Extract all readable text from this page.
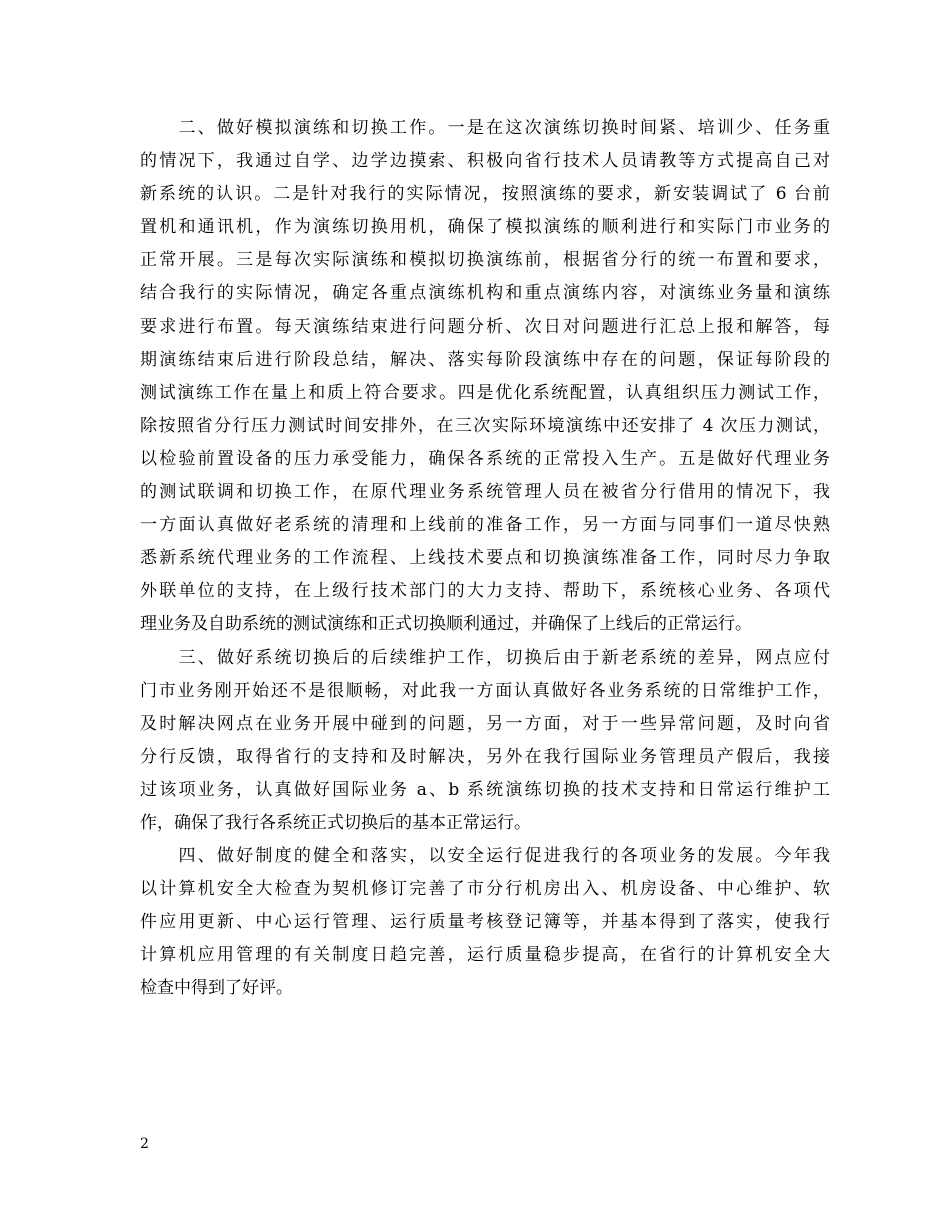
　　二、做好模拟演练和切换工作。一是在这次演练切换时间紧、培训少、任务重
的情况下，我通过自学、边学边摸索、积极向省行技术人员请教等方式提高自己对
新系统的认识。二是针对我行的实际情况，按照演练的要求，新安装调试了 6 台前
置机和通讯机，作为演练切换用机，确保了模拟演练的顺利进行和实际门市业务的
正常开展。三是每次实际演练和模拟切换演练前，根据省分行的统一布置和要求，
结合我行的实际情况，确定各重点演练机构和重点演练内容，对演练业务量和演练
要求进行布置。每天演练结束进行问题分析、次日对问题进行汇总上报和解答，每
期演练结束后进行阶段总结，解决、落实每阶段演练中存在的问题，保证每阶段的
测试演练工作在量上和质上符合要求。四是优化系统配置，认真组织压力测试工作，
除按照省分行压力测试时间安排外，在三次实际环境演练中还安排了 4 次压力测试，
以检验前置设备的压力承受能力，确保各系统的正常投入生产。五是做好代理业务
的测试联调和切换工作，在原代理业务系统管理人员在被省分行借用的情况下，我
一方面认真做好老系统的清理和上线前的准备工作，另一方面与同事们一道尽快熟
悉新系统代理业务的工作流程、上线技术要点和切换演练准备工作，同时尽力争取
外联单位的支持，在上级行技术部门的大力支持、帮助下，系统核心业务、各项代
理业务及自助系统的测试演练和正式切换顺利通过，并确保了上线后的正常运行。
　　三、做好系统切换后的后续维护工作，切换后由于新老系统的差异，网点应付
门市业务刚开始还不是很顺畅，对此我一方面认真做好各业务系统的日常维护工作，
及时解决网点在业务开展中碰到的问题，另一方面，对于一些异常问题，及时向省
分行反馈，取得省行的支持和及时解决，另外在我行国际业务管理员产假后，我接
过该项业务，认真做好国际业务 a、b 系统演练切换的技术支持和日常运行维护工
作，确保了我行各系统正式切换后的基本正常运行。
　　四、做好制度的健全和落实，以安全运行促进我行的各项业务的发展。今年我
以计算机安全大检查为契机修订完善了市分行机房出入、机房设备、中心维护、软
件应用更新、中心运行管理、运行质量考核登记簿等，并基本得到了落实，使我行
计算机应用管理的有关制度日趋完善，运行质量稳步提高，在省行的计算机安全大
检查中得到了好评。
2
